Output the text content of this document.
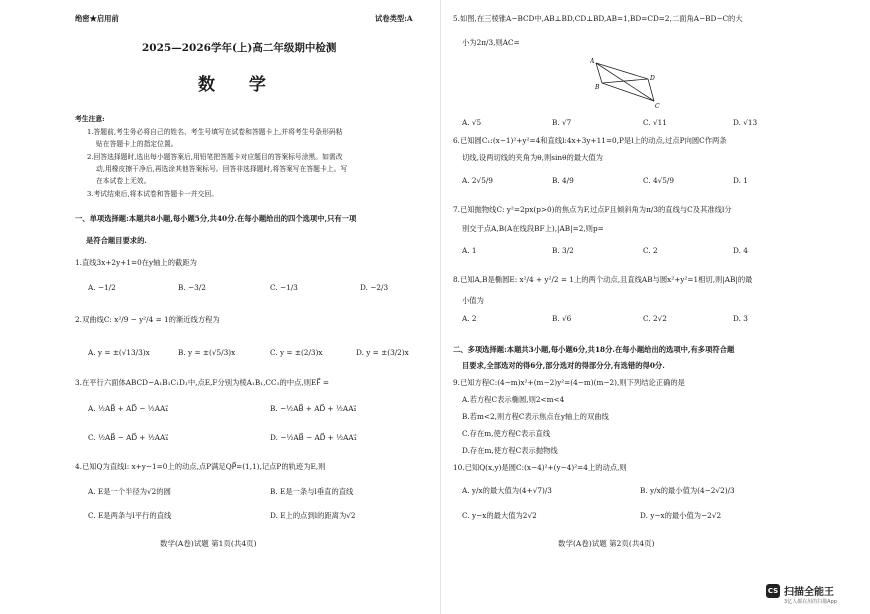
绝密★启用前	试卷类型:A
2025—2026学年(上)高二年级期中检测
数 学
考生注意:
1.答题前,考生务必将自己的姓名、考生号填写在试卷和答题卡上,并将考生号条形码粘
贴在答题卡上的指定位置。
2.回答选择题时,选出每小题答案后,用铅笔把答题卡对应题目的答案标号涂黑。如需改
动,用橡皮擦干净后,再选涂其他答案标号。回答非选择题时,将答案写在答题卡上。写
在本试卷上无效。
3.考试结束后,将本试卷和答题卡一并交回。
一、单项选择题:本题共8小题,每小题5分,共40分.在每小题给出的四个选项中,只有一项
是符合题目要求的.
1.直线3x+2y+1=0在y轴上的截距为
A. −1/2	B. −3/2	C. −1/3	D. −2/3
2.双曲线C: x²/9 − y²/4 = 1的渐近线方程为
A. y = ±(√13/3)x	B. y = ±(√5/3)x	C. y = ±(2/3)x	D. y = ±(3/2)x
3.在平行六面体ABCD−A₁B₁C₁D₁中,点E,F分别为棱A₁B₁,CC₁的中点,则EF⃗ =
A. ½AB⃗ + AD⃗ − ½AA₁⃗	B. −½AB⃗ + AD⃗ + ½AA₁⃗
C. ½AB⃗ − AD⃗ + ½AA₁⃗	D. −½AB⃗ − AD⃗ + ½AA₁⃗
4.已知Q为直线l: x+y−1=0上的动点,点P满足QP⃗=(1,1),记点P的轨迹为E,则
A. E是一个半径为√2的圆	B. E是一条与l垂直的直线
C. E是两条与l平行的直线	D. E上的点到l的距离为√2
数学(A卷)试题 第1页(共4页)
5.如图,在三棱锥A−BCD中,AB⊥BD,CD⊥BD,AB=1,BD=CD=2,二面角A−BD−C的大
小为2π/3,则AC=
A. √5	B. √7	C. √11	D. √13
6.已知圆C₁:(x−1)²+y²=4和直线l:4x+3y+11=0,P是l上的动点,过点P向圆C作两条
切线,设两切线的夹角为θ,则sinθ的最大值为
A. 2√5/9	B. 4/9	C. 4√5/9	D. 1
7.已知抛物线C: y²=2px(p>0)的焦点为F,过点F且倾斜角为π/3的直线与C及其准线l分
别交于点A,B(A在线段BF上),|AB|=2,则p=
A. 1	B. 3/2	C. 2	D. 4
8.已知A,B是椭圆E: x²/4 + y²/2 = 1上的两个动点,且直线AB与圆x²+y²=1相切,则|AB|的最
小值为
A. 2	B. √6	C. 2√2	D. 3
二、多项选择题:本题共3小题,每小题6分,共18分.在每小题给出的选项中,有多项符合题
目要求,全部选对的得6分,部分选对的得部分分,有选错的得0分.
9.已知方程C:(4−m)x²+(m−2)y²=(4−m)(m−2),则下列结论正确的是
A.若方程C表示椭圆,则2<m<4
B.若m<2,则方程C表示焦点在y轴上的双曲线
C.存在m,使方程C表示直线
D.存在m,使方程C表示抛物线
10.已知Q(x,y)是圆C:(x−4)²+(y−4)²=4上的动点,则
A. y/x的最大值为(4+√7)/3	B. y/x的最小值为(4−2√2)/3
C. y−x的最大值为2√2	D. y−x的最小值为−2√2
数学(A卷)试题 第2页(共4页)
A
B
D
C
CS 扫描全能王
3亿人都在用的扫描App
